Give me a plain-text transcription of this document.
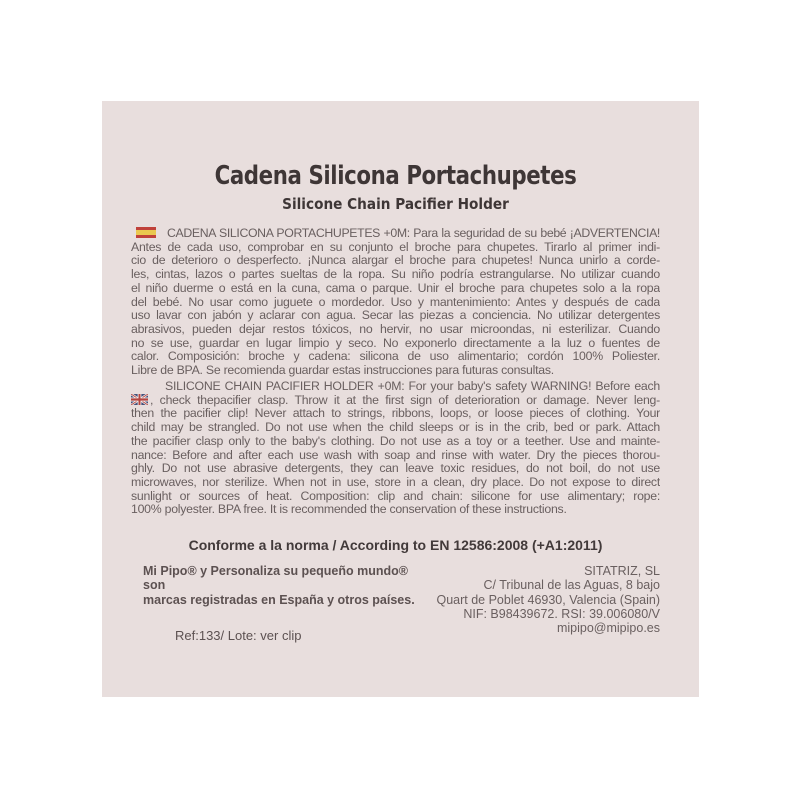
Cadena Silicona Portachupetes
Silicone Chain Pacifier Holder
CADENA SILICONA PORTACHUPETES +0M: Para la seguridad de su bebé ¡ADVERTENCIA!
Antes de cada uso, comprobar en su conjunto el broche para chupetes. Tirarlo al primer indi-
cio de deterioro o desperfecto. ¡Nunca alargar el broche para chupetes! Nunca unirlo a corde-
les, cintas, lazos o partes sueltas de la ropa. Su niño podría estrangularse. No utilizar cuando
el niño duerme o está en la cuna, cama o parque. Unir el broche para chupetes solo a la ropa
del bebé. No usar como juguete o mordedor. Uso y mantenimiento: Antes y después de cada
uso lavar con jabón y aclarar con agua. Secar las piezas a conciencia. No utilizar detergentes
abrasivos, pueden dejar restos tóxicos, no hervir, no usar microondas, ni esterilizar. Cuando
no se use, guardar en lugar limpio y seco. No exponerlo directamente a la luz o fuentes de
calor. Composición: broche y cadena: silicona de uso alimentario; cordón 100% Poliester.
Libre de BPA. Se recomienda guardar estas instrucciones para futuras consultas.
SILICONE CHAIN PACIFIER HOLDER +0M: For your baby's safety WARNING! Before each
, check thepacifier clasp. Throw it at the first sign of deterioration or damage. Never leng-
then the pacifier clip! Never attach to strings, ribbons, loops, or loose pieces of clothing. Your
child may be strangled. Do not use when the child sleeps or is in the crib, bed or park. Attach
the pacifier clasp only to the baby's clothing. Do not use as a toy or a teether. Use and mainte-
nance: Before and after each use wash with soap and rinse with water. Dry the pieces thorou-
ghly. Do not use abrasive detergents, they can leave toxic residues, do not boil, do not use
microwaves, nor sterilize. When not in use, store in a clean, dry place. Do not expose to direct
sunlight or sources of heat. Composition: clip and chain: silicone for use alimentary; rope:
100% polyester. BPA free. It is recommended the conservation of these instructions.
Conforme a la norma / According to EN 12586:2008 (+A1:2011)
Mi Pipo® y Personaliza su pequeño mundo® son
marcas registradas en España y otros países.
Ref:133/ Lote: ver clip
SITATRIZ, SL
C/ Tribunal de las Aguas, 8 bajo
Quart de Poblet 46930, Valencia (Spain)
NIF: B98439672. RSI: 39.006080/V
mipipo@mipipo.es
